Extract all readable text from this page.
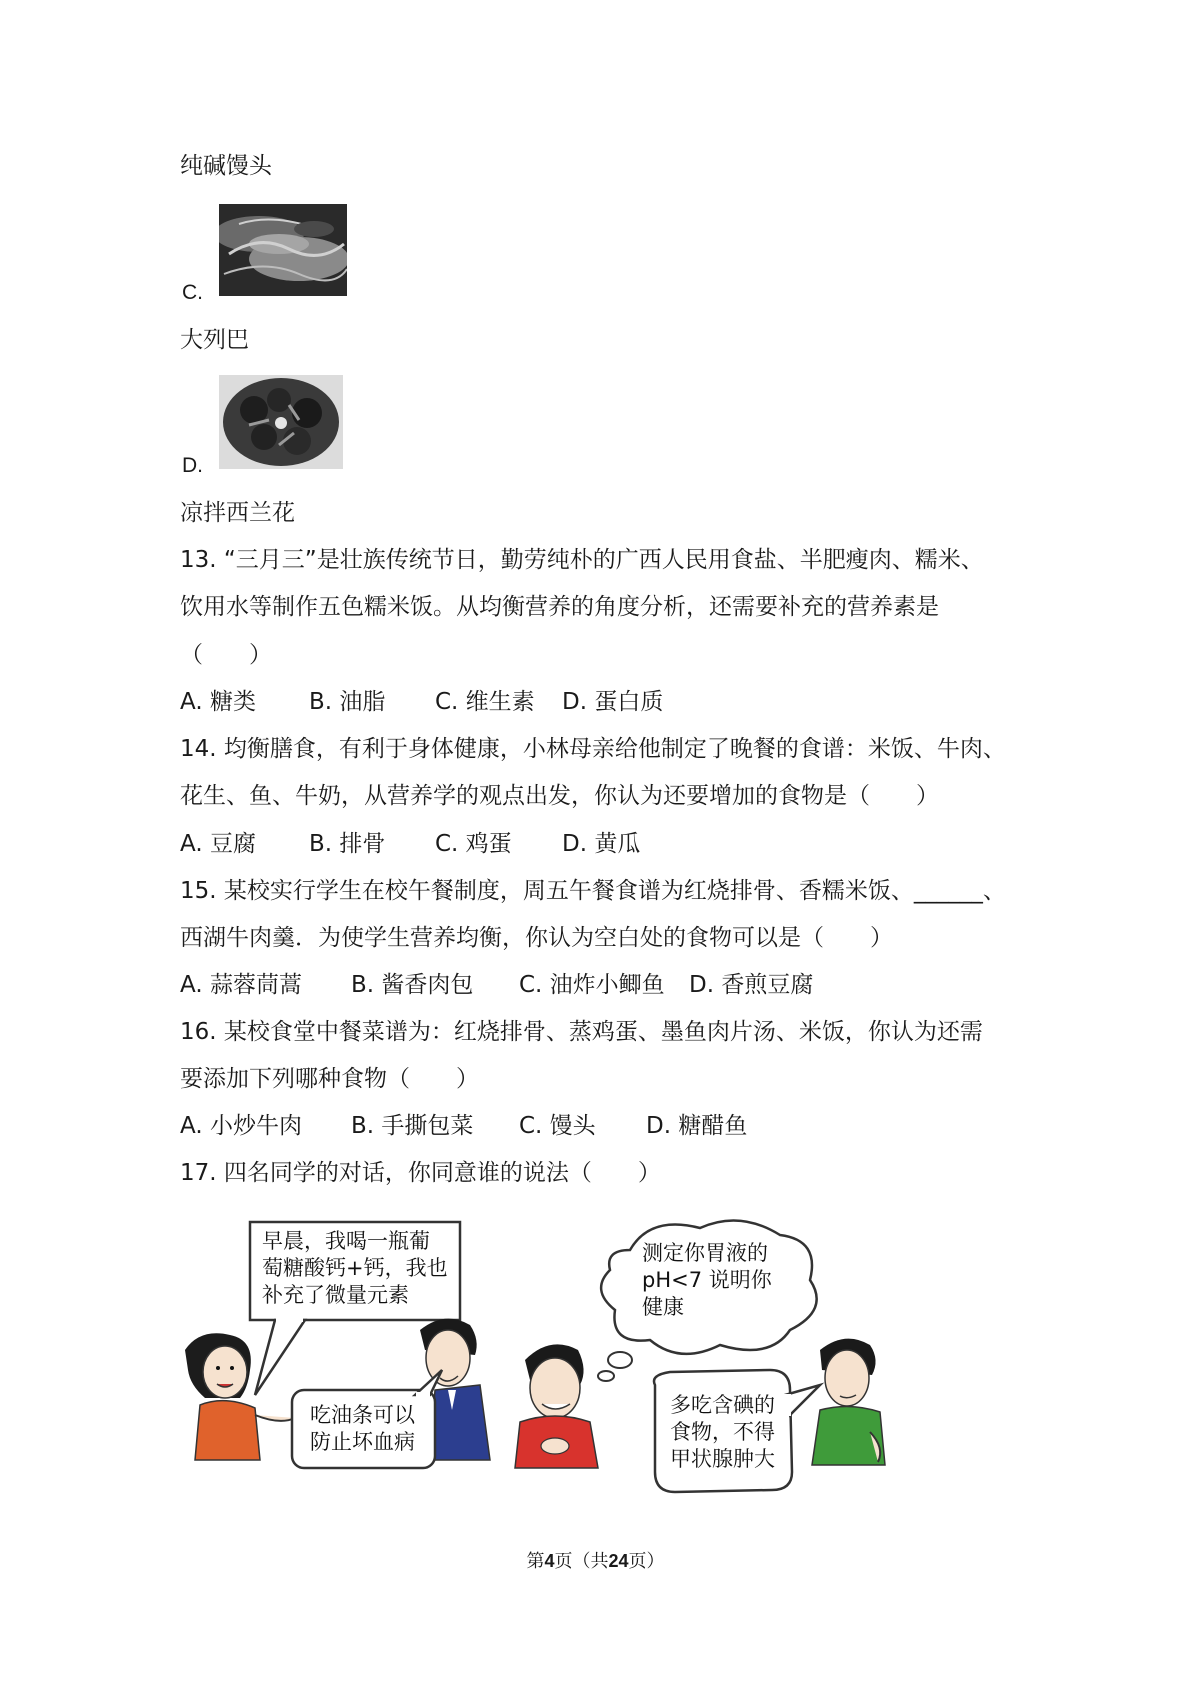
纯碱馒头
C.
大列巴
D.
凉拌西兰花
13. “三月三”是壮族传统节日，勤劳纯朴的广西人民用食盐、半肥瘦肉、糯米、
饮用水等制作五色糯米饭。从均衡营养的角度分析，还需要补充的营养素是
（　　）
A. 糖类 B. 油脂 C. 维生素 D. 蛋白质
14. 均衡膳食，有利于身体健康，小林母亲给他制定了晚餐的食谱：米饭、牛肉、
花生、鱼、牛奶，从营养学的观点出发，你认为还要增加的食物是（　　）
A. 豆腐 B. 排骨 C. 鸡蛋 D. 黄瓜
15. 某校实行学生在校午餐制度，周五午餐食谱为红烧排骨、香糯米饭、______、
西湖牛肉羹．为使学生营养均衡，你认为空白处的食物可以是（　　）
A. 蒜蓉茼蒿 B. 酱香肉包 C. 油炸小鲫鱼 D. 香煎豆腐
16. 某校食堂中餐菜谱为：红烧排骨、蒸鸡蛋、墨鱼肉片汤、米饭，你认为还需
要添加下列哪种食物（　　）
A. 小炒牛肉 B. 手撕包菜 C. 馒头 D. 糖醋鱼
17. 四名同学的对话，你同意谁的说法（　　）
早晨，我喝一瓶葡
萄糖酸钙+钙，我也
补充了微量元素
吃油条可以
防止坏血病
测定你胃液的
pH<7 说明你
健康
多吃含碘的
食物，不得
甲状腺肿大
第4页（共24页）
